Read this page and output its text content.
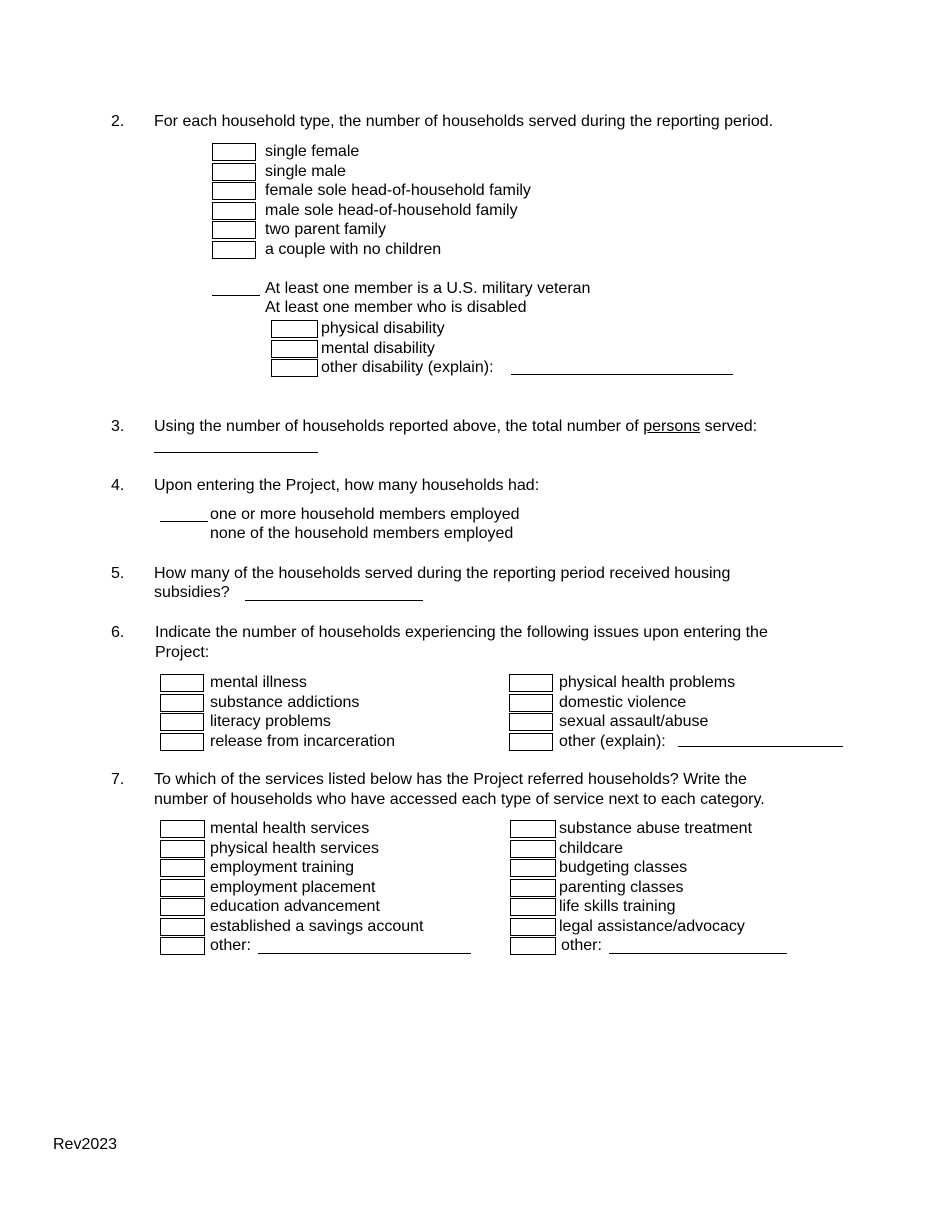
2. For each household type, the number of households served during the reporting period.
single female
single male
female sole head-of-household family
male sole head-of-household family
two parent family
a couple with no children
At least one member is a U.S. military veteran
At least one member who is disabled
physical disability
mental disability
other disability (explain):
3. Using the number of households reported above, the total number of persons served:
4. Upon entering the Project, how many households had:
one or more household members employed
none of the household members employed
5. How many of the households served during the reporting period received housing
subsidies?
6. Indicate the number of households experiencing the following issues upon entering the
Project:
mental illness
substance addictions
literacy problems
release from incarceration
physical health problems
domestic violence
sexual assault/abuse
other (explain):
7. To which of the services listed below has the Project referred households? Write the
number of households who have accessed each type of service next to each category.
mental health services
physical health services
employment training
employment placement
education advancement
established a savings account
other:
substance abuse treatment
childcare
budgeting classes
parenting classes
life skills training
legal assistance/advocacy
other:
Rev2023
